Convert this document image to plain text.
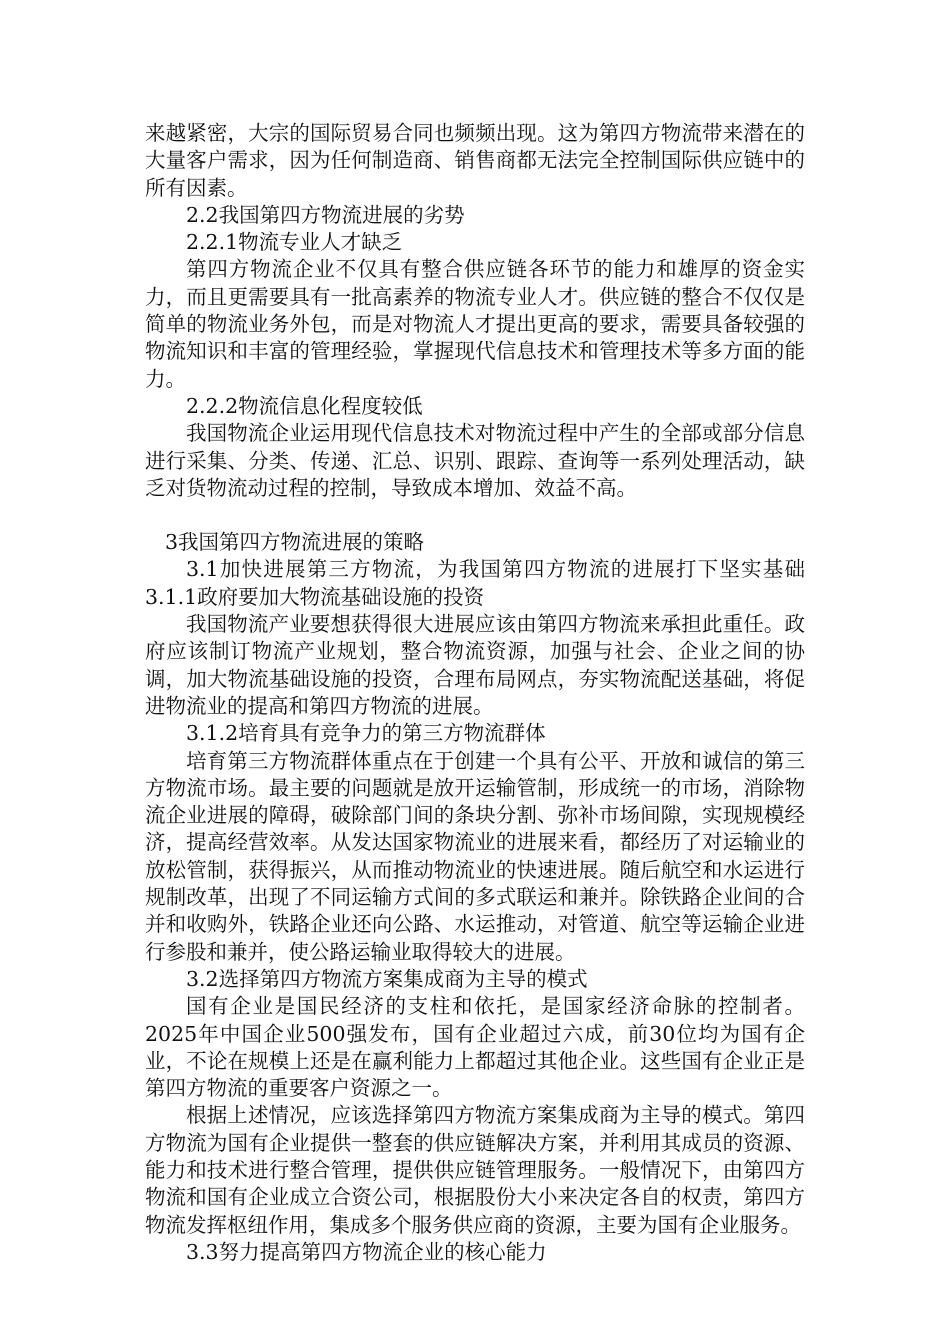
来越紧密，大宗的国际贸易合同也频频出现。这为第四方物流带来潜在的大量客户需求，因为任何制造商、销售商都无法完全控制国际供应链中的所有因素。

2.2我国第四方物流进展的劣势

2.2.1物流专业人才缺乏

第四方物流企业不仅具有整合供应链各环节的能力和雄厚的资金实力，而且更需要具有一批高素养的物流专业人才。供应链的整合不仅仅是简单的物流业务外包，而是对物流人才提出更高的要求，需要具备较强的物流知识和丰富的管理经验，掌握现代信息技术和管理技术等多方面的能力。

2.2.2物流信息化程度较低

我国物流企业运用现代信息技术对物流过程中产生的全部或部分信息进行采集、分类、传递、汇总、识别、跟踪、查询等一系列处理活动，缺乏对货物流动过程的控制，导致成本增加、效益不高。

3我国第四方物流进展的策略

3.1加快进展第三方物流，为我国第四方物流的进展打下坚实基础3.1.1政府要加大物流基础设施的投资

我国物流产业要想获得很大进展应该由第四方物流来承担此重任。政府应该制订物流产业规划，整合物流资源，加强与社会、企业之间的协调，加大物流基础设施的投资，合理布局网点，夯实物流配送基础，将促进物流业的提高和第四方物流的进展。

3.1.2培育具有竞争力的第三方物流群体

培育第三方物流群体重点在于创建一个具有公平、开放和诚信的第三方物流市场。最主要的问题就是放开运输管制，形成统一的市场，消除物流企业进展的障碍，破除部门间的条块分割、弥补市场间隙，实现规模经济，提高经营效率。从发达国家物流业的进展来看，都经历了对运输业的放松管制，获得振兴，从而推动物流业的快速进展。随后航空和水运进行规制改革，出现了不同运输方式间的多式联运和兼并。除铁路企业间的合并和收购外，铁路企业还向公路、水运推动，对管道、航空等运输企业进行参股和兼并，使公路运输业取得较大的进展。

3.2选择第四方物流方案集成商为主导的模式

国有企业是国民经济的支柱和依托，是国家经济命脉的控制者。2025年中国企业500强发布，国有企业超过六成，前30位均为国有企业，不论在规模上还是在赢利能力上都超过其他企业。这些国有企业正是第四方物流的重要客户资源之一。

根据上述情况，应该选择第四方物流方案集成商为主导的模式。第四方物流为国有企业提供一整套的供应链解决方案，并利用其成员的资源、能力和技术进行整合管理，提供供应链管理服务。一般情况下，由第四方物流和国有企业成立合资公司，根据股份大小来决定各自的权责，第四方物流发挥枢纽作用，集成多个服务供应商的资源，主要为国有企业服务。

3.3努力提高第四方物流企业的核心能力
